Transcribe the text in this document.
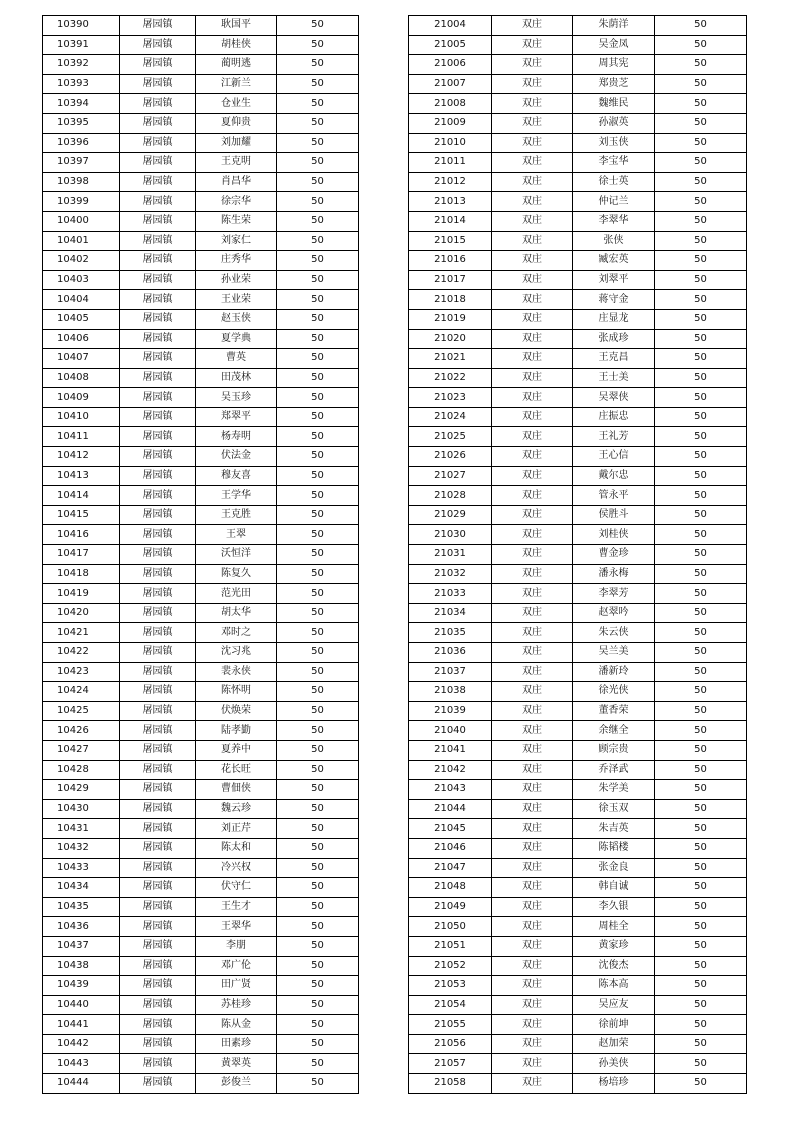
10390	屠园镇	耿国平	50
10391	屠园镇	胡桂侠	50
10392	屠园镇	蔺明逃	50
10393	屠园镇	江新兰	50
10394	屠园镇	仓业生	50
10395	屠园镇	夏仰贵	50
10396	屠园镇	刘加耀	50
10397	屠园镇	王克明	50
10398	屠园镇	肖昌华	50
10399	屠园镇	徐宗华	50
10400	屠园镇	陈生荣	50
10401	屠园镇	刘家仁	50
10402	屠园镇	庄秀华	50
10403	屠园镇	孙业荣	50
10404	屠园镇	王业荣	50
10405	屠园镇	赵玉侠	50
10406	屠园镇	夏学典	50
10407	屠园镇	曹英	50
10408	屠园镇	田茂林	50
10409	屠园镇	吴玉珍	50
10410	屠园镇	郑翠平	50
10411	屠园镇	杨寿明	50
10412	屠园镇	伏法金	50
10413	屠园镇	穆友喜	50
10414	屠园镇	王学华	50
10415	屠园镇	王克胜	50
10416	屠园镇	王翠	50
10417	屠园镇	沃恒洋	50
10418	屠园镇	陈复久	50
10419	屠园镇	范光田	50
10420	屠园镇	胡太华	50
10421	屠园镇	邓时之	50
10422	屠园镇	沈习兆	50
10423	屠园镇	裴永侠	50
10424	屠园镇	陈怀明	50
10425	屠园镇	伏焕荣	50
10426	屠园镇	陆孝勤	50
10427	屠园镇	夏养中	50
10428	屠园镇	花长旺	50
10429	屠园镇	曹佃侠	50
10430	屠园镇	魏云珍	50
10431	屠园镇	刘正芹	50
10432	屠园镇	陈太和	50
10433	屠园镇	冷兴权	50
10434	屠园镇	伏守仁	50
10435	屠园镇	王生才	50
10436	屠园镇	王翠华	50
10437	屠园镇	李朋	50
10438	屠园镇	邓广伦	50
10439	屠园镇	田广贤	50
10440	屠园镇	苏桂珍	50
10441	屠园镇	陈从金	50
10442	屠园镇	田素珍	50
10443	屠园镇	黄翠英	50
10444	屠园镇	彭俊兰	50
21004	双庄	朱荫洋	50
21005	双庄	吴金凤	50
21006	双庄	周其宪	50
21007	双庄	郑贵芝	50
21008	双庄	魏维民	50
21009	双庄	孙淑英	50
21010	双庄	刘玉侠	50
21011	双庄	李宝华	50
21012	双庄	徐士英	50
21013	双庄	仲记兰	50
21014	双庄	李翠华	50
21015	双庄	张侠	50
21016	双庄	臧宏英	50
21017	双庄	刘翠平	50
21018	双庄	蒋守金	50
21019	双庄	庄显龙	50
21020	双庄	张成珍	50
21021	双庄	王克昌	50
21022	双庄	王士美	50
21023	双庄	吴翠侠	50
21024	双庄	庄振忠	50
21025	双庄	王礼芳	50
21026	双庄	王心信	50
21027	双庄	戴尔忠	50
21028	双庄	管永平	50
21029	双庄	侯胜斗	50
21030	双庄	刘桂侠	50
21031	双庄	曹金珍	50
21032	双庄	潘永梅	50
21033	双庄	李翠芳	50
21034	双庄	赵翠吟	50
21035	双庄	朱云侠	50
21036	双庄	吴兰美	50
21037	双庄	潘新玲	50
21038	双庄	徐光侠	50
21039	双庄	董香荣	50
21040	双庄	余继全	50
21041	双庄	顾宗贵	50
21042	双庄	乔泽武	50
21043	双庄	朱学美	50
21044	双庄	徐玉双	50
21045	双庄	朱吉英	50
21046	双庄	陈韬楼	50
21047	双庄	张金良	50
21048	双庄	韩自诚	50
21049	双庄	李久银	50
21050	双庄	周桂全	50
21051	双庄	黄家珍	50
21052	双庄	沈俊杰	50
21053	双庄	陈本高	50
21054	双庄	吴应友	50
21055	双庄	徐前坤	50
21056	双庄	赵加荣	50
21057	双庄	孙美侠	50
21058	双庄	杨培珍	50
